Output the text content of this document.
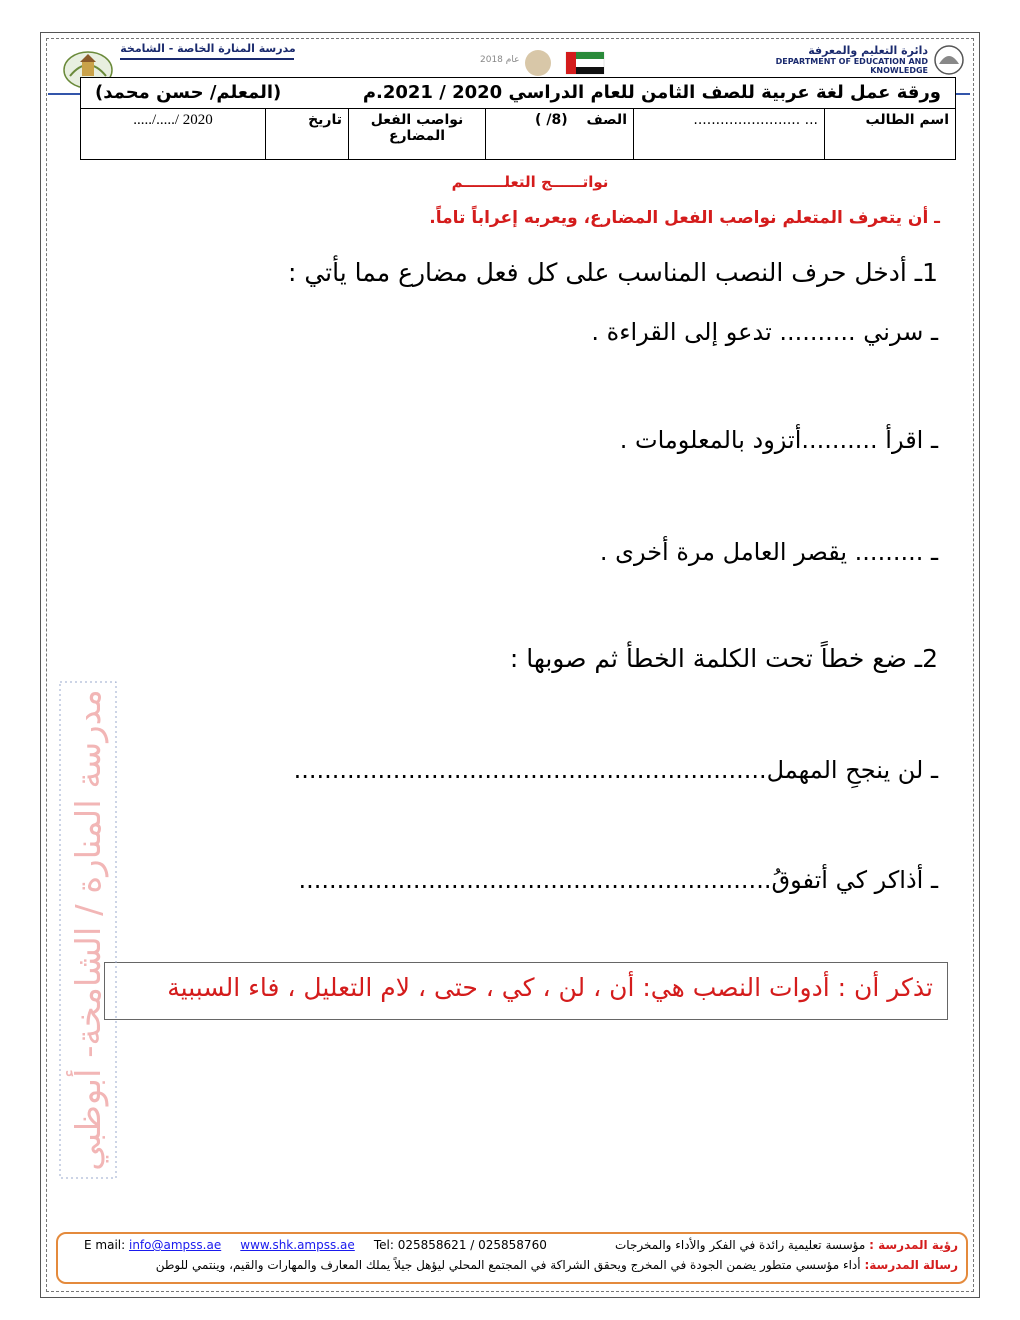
مدرسة المنارة الخاصة - الشامخة
عام 2018
دائرة التعليم والمعرفة
DEPARTMENT OF EDUCATION AND KNOWLEDGE
ورقة عمل لغة عربية للصف الثامن للعام الدراسي 2020 / 2021.م
(المعلم/ حسن محمد)
اسم الطالب	... ........................	الصف (8/ )	نواصب الفعل المضارع	تاريخ	...../...../ 2020
نواتــــــج التعلــــــــم
ـ أن يتعرف المتعلم نواصب الفعل المضارع، ويعربه إعراباً تاماً.
1ـ أدخل حرف النصب المناسب على كل فعل مضارع مما يأتي :
ـ سرني .......... تدعو إلى القراءة .
ـ اقرأ ..........أتزود بالمعلومات .
ـ ......... يقصر العامل مرة أخرى .
2ـ ضع خطاً تحت الكلمة الخطأ ثم صوبها :
ـ لن ينجحِ المهمل..............................................................
ـ أذاكر كي أتفوقُ..............................................................
تذكر أن : أدوات النصب هي: أن ، لن ، كي ، حتى ، لام التعليل ، فاء السببية
مدرسة المنارة / الشامخة- أبوظبي
رؤية المدرسة : مؤسسة تعليمية رائدة في الفكر والأداء والمخرجات
رسالة المدرسة: أداء مؤسسي متطور يضمن الجودة في المخرج ويحقق الشراكة في المجتمع المحلي ليؤهل جيلاً يملك المعارف والمهارات والقيم، وينتمي للوطن
E mail: info@ampss.ae www.shk.ampss.ae Tel: 025858621 / 025858760
